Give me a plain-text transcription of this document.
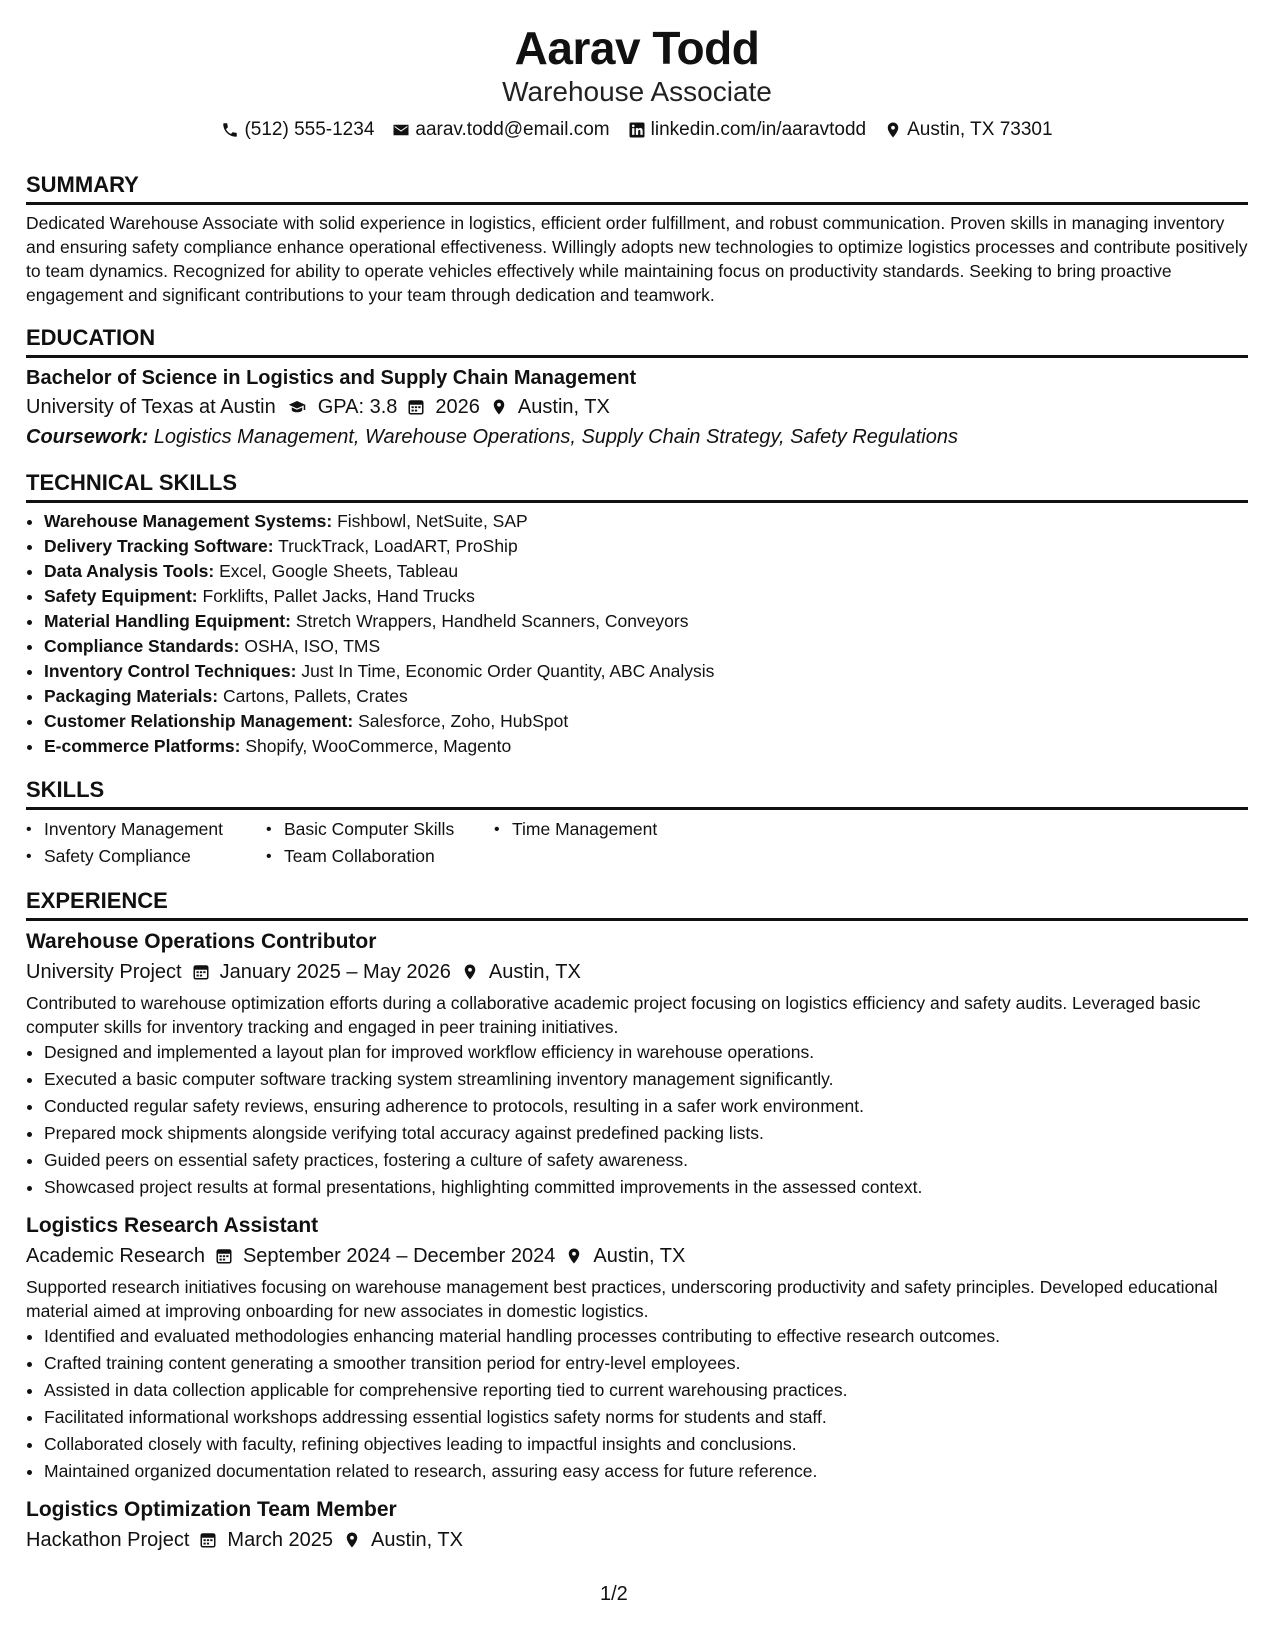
Aarav Todd
Warehouse Associate
(512) 555-1234 aarav.todd@email.com linkedin.com/in/aaravtodd Austin, TX 73301
SUMMARY
Dedicated Warehouse Associate with solid experience in logistics, efficient order fulfillment, and robust communication. Proven skills in managing inventory and ensuring safety compliance enhance operational effectiveness. Willingly adopts new technologies to optimize logistics processes and contribute positively to team dynamics. Recognized for ability to operate vehicles effectively while maintaining focus on productivity standards. Seeking to bring proactive engagement and significant contributions to your team through dedication and teamwork.
EDUCATION
Bachelor of Science in Logistics and Supply Chain Management
University of Texas at Austin GPA: 3.8 2026 Austin, TX
Coursework: Logistics Management, Warehouse Operations, Supply Chain Strategy, Safety Regulations
TECHNICAL SKILLS
• Warehouse Management Systems: Fishbowl, NetSuite, SAP
• Delivery Tracking Software: TruckTrack, LoadART, ProShip
• Data Analysis Tools: Excel, Google Sheets, Tableau
• Safety Equipment: Forklifts, Pallet Jacks, Hand Trucks
• Material Handling Equipment: Stretch Wrappers, Handheld Scanners, Conveyors
• Compliance Standards: OSHA, ISO, TMS
• Inventory Control Techniques: Just In Time, Economic Order Quantity, ABC Analysis
• Packaging Materials: Cartons, Pallets, Crates
• Customer Relationship Management: Salesforce, Zoho, HubSpot
• E-commerce Platforms: Shopify, WooCommerce, Magento
SKILLS
• Inventory Management	• Basic Computer Skills	• Time Management
• Safety Compliance	• Team Collaboration
EXPERIENCE
Warehouse Operations Contributor
University Project January 2025 – May 2026 Austin, TX
Contributed to warehouse optimization efforts during a collaborative academic project focusing on logistics efficiency and safety audits. Leveraged basic computer skills for inventory tracking and engaged in peer training initiatives.
• Designed and implemented a layout plan for improved workflow efficiency in warehouse operations.
• Executed a basic computer software tracking system streamlining inventory management significantly.
• Conducted regular safety reviews, ensuring adherence to protocols, resulting in a safer work environment.
• Prepared mock shipments alongside verifying total accuracy against predefined packing lists.
• Guided peers on essential safety practices, fostering a culture of safety awareness.
• Showcased project results at formal presentations, highlighting committed improvements in the assessed context.
Logistics Research Assistant
Academic Research September 2024 – December 2024 Austin, TX
Supported research initiatives focusing on warehouse management best practices, underscoring productivity and safety principles. Developed educational material aimed at improving onboarding for new associates in domestic logistics.
• Identified and evaluated methodologies enhancing material handling processes contributing to effective research outcomes.
• Crafted training content generating a smoother transition period for entry-level employees.
• Assisted in data collection applicable for comprehensive reporting tied to current warehousing practices.
• Facilitated informational workshops addressing essential logistics safety norms for students and staff.
• Collaborated closely with faculty, refining objectives leading to impactful insights and conclusions.
• Maintained organized documentation related to research, assuring easy access for future reference.
Logistics Optimization Team Member
Hackathon Project March 2025 Austin, TX
1/2
